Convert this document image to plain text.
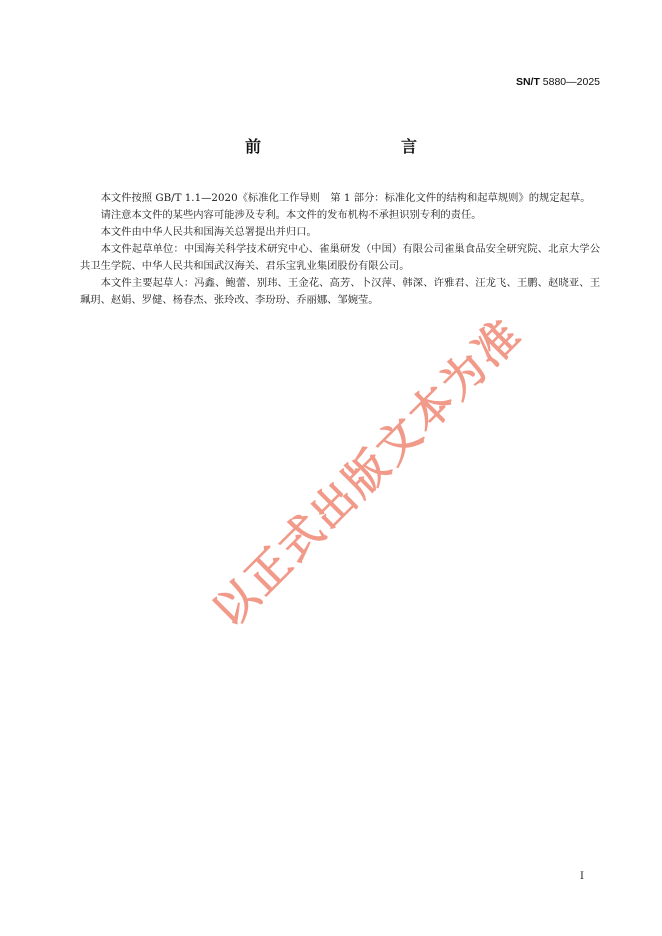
SN/T 5880—2025
前　　言

本文件按照 GB/T 1.1—2020《标准化工作导则　第 1 部分：标准化文件的结构和起草规则》的规定起草。

请注意本文件的某些内容可能涉及专利。本文件的发布机构不承担识别专利的责任。

本文件由中华人民共和国海关总署提出并归口。

本文件起草单位：中国海关科学技术研究中心、雀巢研发（中国）有限公司雀巢食品安全研究院、北京大学公共卫生学院、中华人民共和国武汉海关、君乐宝乳业集团股份有限公司。

本文件主要起草人：冯鑫、鲍蕾、别玮、王金花、高芳、卜汉萍、韩深、许雅君、汪龙飞、王鹏、赵晓亚、王珮玥、赵娟、罗健、杨春杰、张玲改、李玢玢、乔丽娜、邹婉莹。

以正式出版文本为准
I
